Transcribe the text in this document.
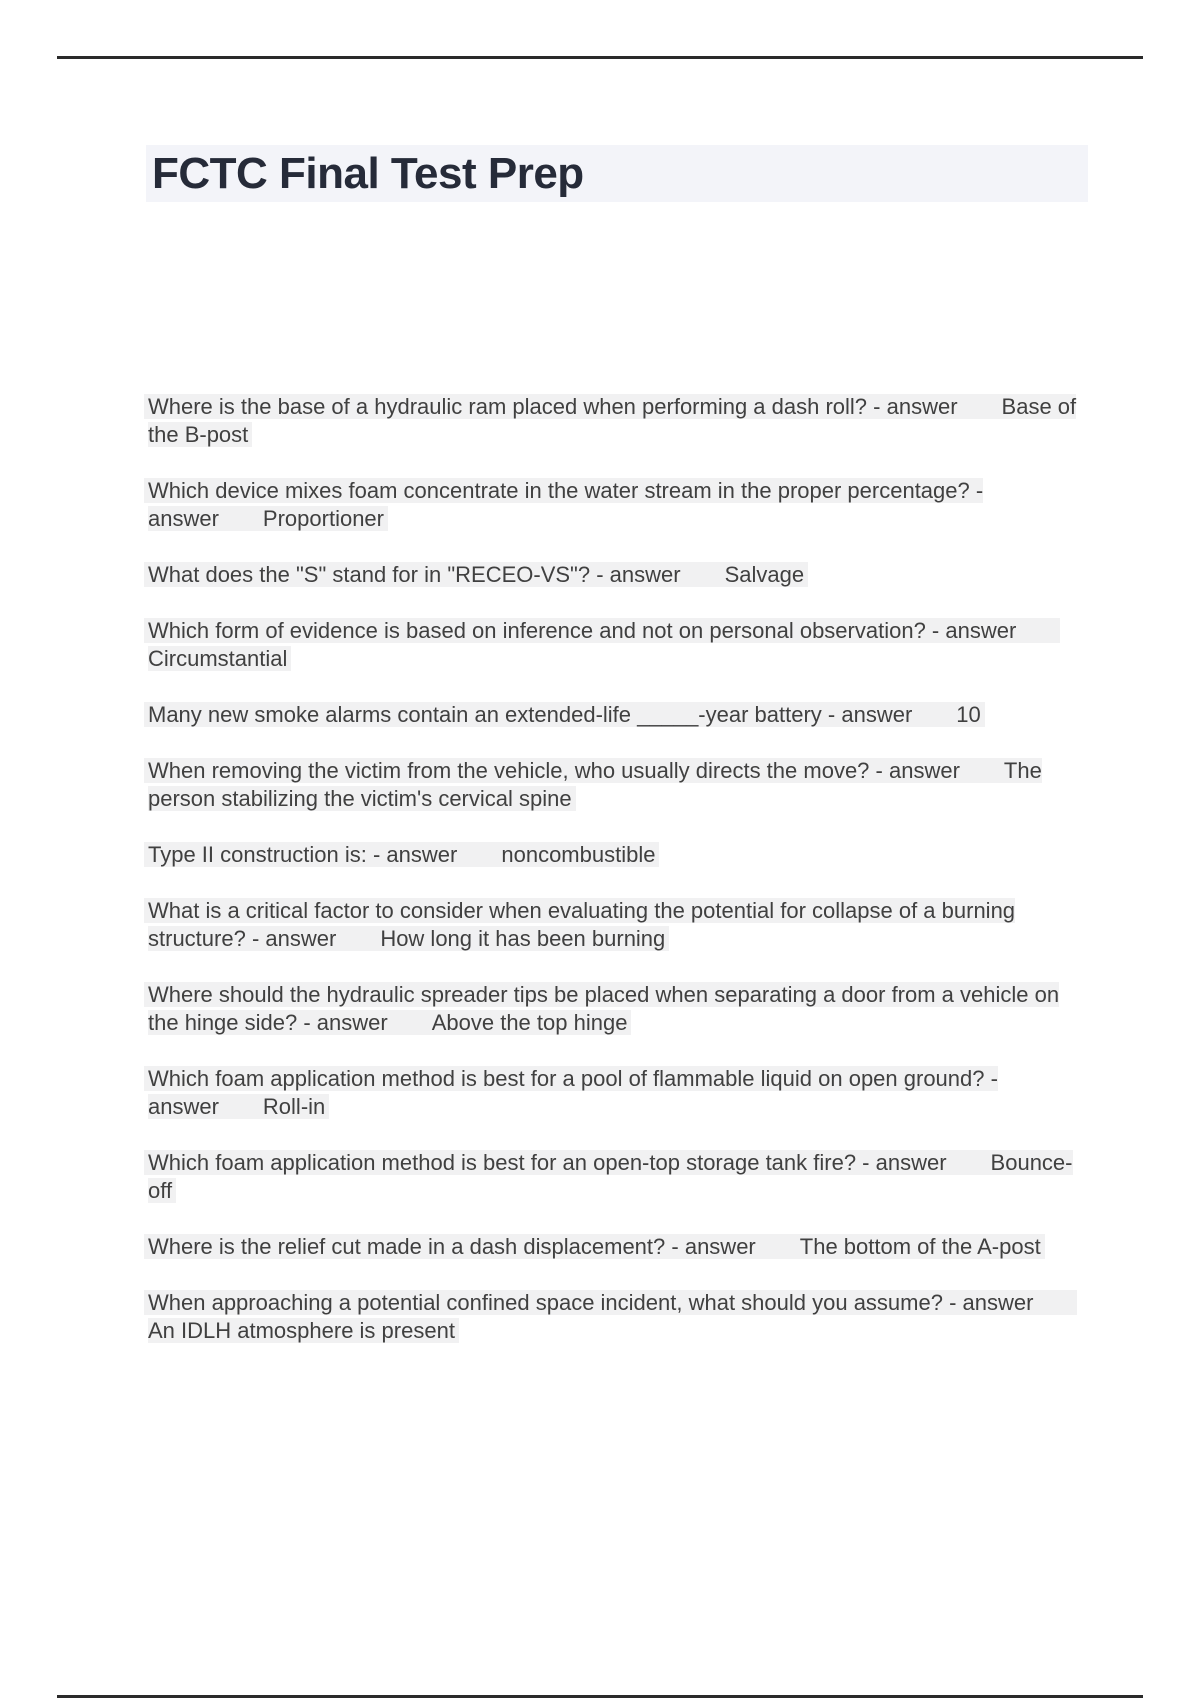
FCTC Final Test Prep

Where is the base of a hydraulic ram placed when performing a dash roll? - answer   Base of the B-post

Which device mixes foam concentrate in the water stream in the proper percentage? - answer   Proportioner

What does the "S" stand for in "RECEO-VS"? - answer   Salvage

Which form of evidence is based on inference and not on personal observation? - answer  Circumstantial

Many new smoke alarms contain an extended-life _____-year battery - answer   10

When removing the victim from the vehicle, who usually directs the move? - answer   The person stabilizing the victim's cervical spine

Type II construction is: - answer   noncombustible

What is a critical factor to consider when evaluating the potential for collapse of a burning structure? - answer   How long it has been burning

Where should the hydraulic spreader tips be placed when separating a door from a vehicle on the hinge side? - answer   Above the top hinge

Which foam application method is best for a pool of flammable liquid on open ground? - answer   Roll-in

Which foam application method is best for an open-top storage tank fire? - answer   Bounce-off

Where is the relief cut made in a dash displacement? - answer   The bottom of the A-post

When approaching a potential confined space incident, what should you assume? - answer  An IDLH atmosphere is present
